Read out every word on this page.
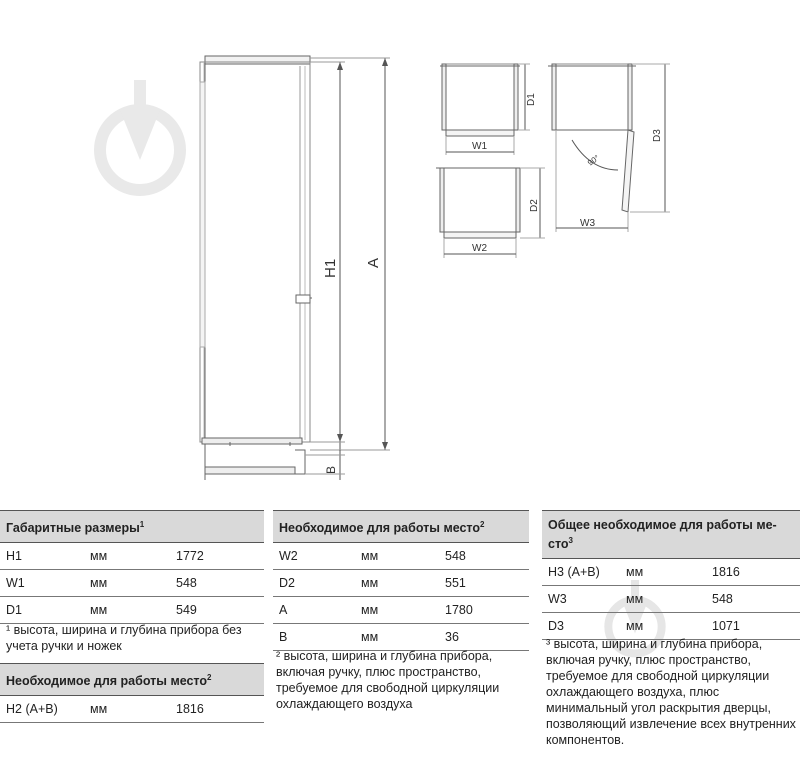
A
H1
B
D1
W1
D2
W2
D3
W3
90°
Габаритные размеры$^1$
H1	мм	1772
W1	мм	548
D1	мм	549
¹ высота, ширина и глубина прибора без учета ручки и ножек
Необходимое для работы место$^2$
H2 (A+B)	мм	1816
Необходимое для работы место$^2$
W2	мм	548
D2	мм	551
A	мм	1780
B	мм	36
² высота, ширина и глубина прибора, включая ручку, плюс пространство, требуемое для свободной циркуляции охлаждающего воздуха
Общее необходимое для работы ме-
сто$^3$
H3 (A+B)	мм	1816
W3	мм	548
D3	мм	1071
³ высота, ширина и глубина прибора, включая ручку, плюс пространство, требуемое для свободной циркуляции охлаждающего воздуха, плюс минимальный угол раскрытия дверцы, позволяющий извлечение всех внутренних компонентов.
